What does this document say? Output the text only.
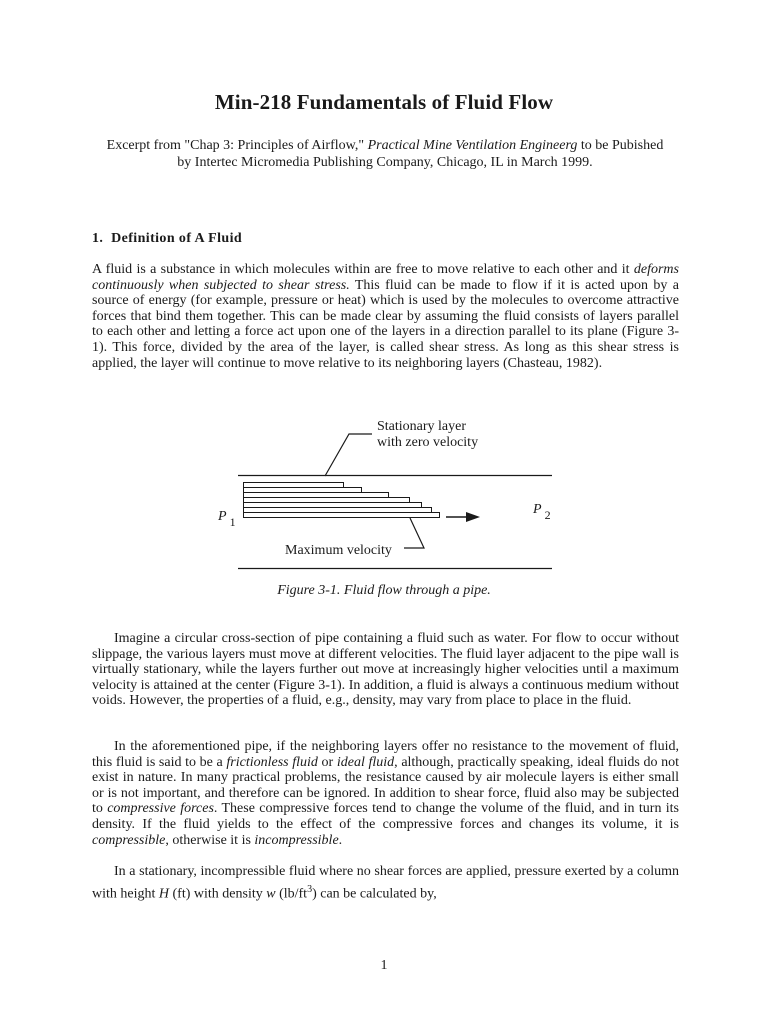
Min-218 Fundamentals of Fluid Flow
Excerpt from "Chap 3: Principles of Airflow," Practical Mine Ventilation Engineerg to be Pubished
by Intertec Micromedia Publishing Company, Chicago, IL in March 1999.
1. Definition of A Fluid

A fluid is a substance in which molecules within are free to move relative to each other and it deforms continuously when subjected to shear stress. This fluid can be made to flow if it is acted upon by a source of energy (for example, pressure or heat) which is used by the molecules to overcome attractive forces that bind them together. This can be made clear by assuming the fluid consists of layers parallel to each other and letting a force act upon one of the layers in a direction parallel to its plane (Figure 3-1). This force, divided by the area of the layer, is called shear stress. As long as this shear stress is applied, the layer will continue to move relative to its neighboring layers (Chasteau, 1982).

Stationary layer
with zero velocity
P 1
P 2
Maximum velocity
Figure 3-1. Fluid flow through a pipe.

Imagine a circular cross-section of pipe containing a fluid such as water. For flow to occur without slippage, the various layers must move at different velocities. The fluid layer adjacent to the pipe wall is virtually stationary, while the layers further out move at increasingly higher velocities until a maximum velocity is attained at the center (Figure 3-1). In addition, a fluid is always a continuous medium without voids. However, the properties of a fluid, e.g., density, may vary from place to place in the fluid.

In the aforementioned pipe, if the neighboring layers offer no resistance to the movement of fluid, this fluid is said to be a frictionless fluid or ideal fluid, although, practically speaking, ideal fluids do not exist in nature. In many practical problems, the resistance caused by air molecule layers is either small or is not important, and therefore can be ignored. In addition to shear force, fluid also may be subjected to compressive forces. These compressive forces tend to change the volume of the fluid, and in turn its density. If the fluid yields to the effect of the compressive forces and changes its volume, it is compressible, otherwise it is incompressible.

In a stationary, incompressible fluid where no shear forces are applied, pressure exerted by a column with height H (ft) with density w $(lb/ft^3)$ can be calculated by,

1
